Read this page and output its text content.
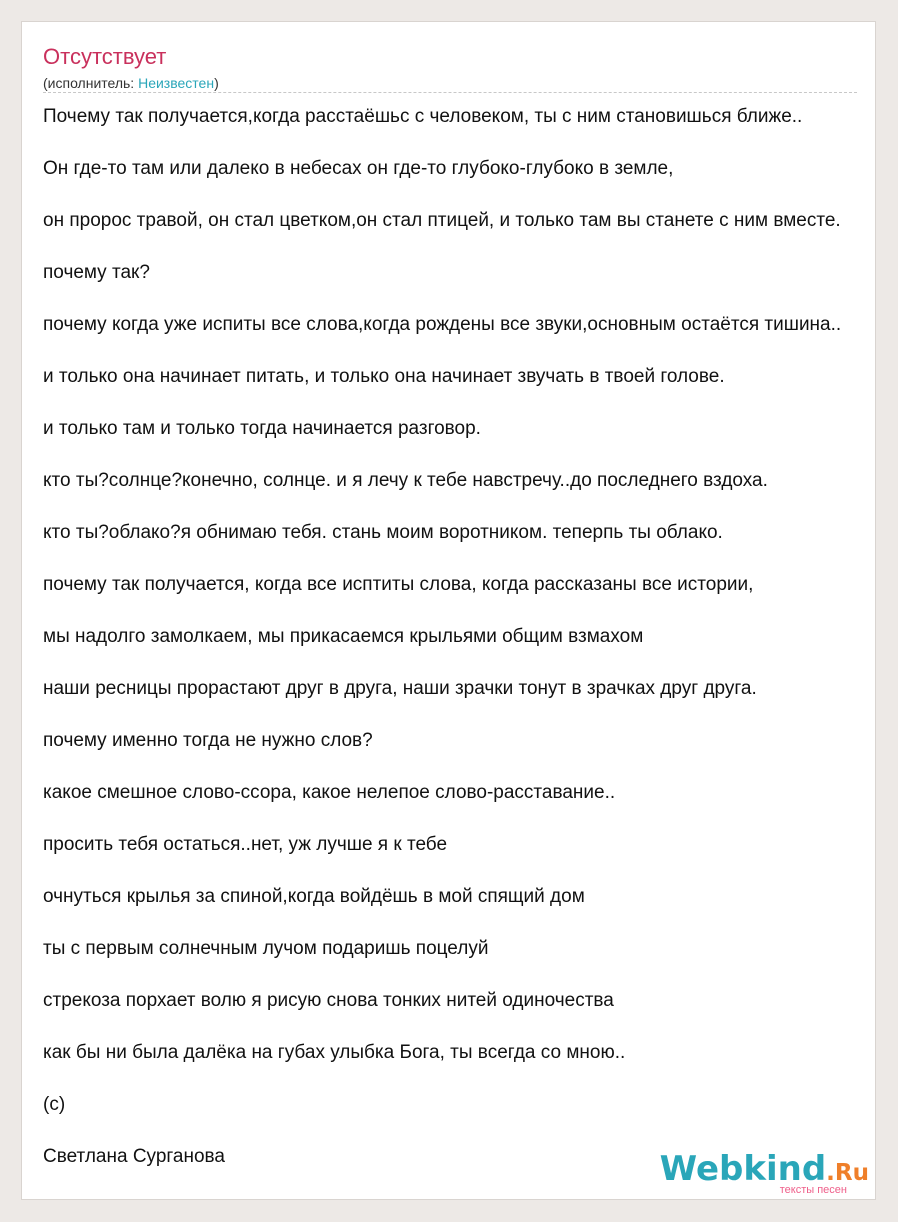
Отсутствует
(исполнитель: Неизвестен)
Почему так получается,когда расстаёшьс с человеком, ты с ним становишься ближе..
Он где-то там или далеко в небесах он где-то глубоко-глубоко в земле,
он пророс травой, он стал цветком,он стал птицей, и только там вы станете с ним вместе.
почему так?
почему когда уже испиты все слова,когда рождены все звуки,основным остаётся тишина..
и только она начинает питать, и только она начинает звучать в твоей голове.
и только там и только тогда начинается разговор.
кто ты?солнце?конечно, солнце. и я лечу к тебе навстречу..до последнего вздоха.
кто ты?облако?я обнимаю тебя. стань моим воротником. теперпь ты облако.
почему так получается, когда все исптиты слова, когда рассказаны все истории,
мы надолго замолкаем, мы прикасаемся крыльями общим взмахом
наши ресницы прорастают друг в друга, наши зрачки тонут в зрачках друг друга.
почему именно тогда не нужно слов?
какое смешное слово-ссора, какое нелепое слово-расставание..
просить тебя остаться..нет, уж лучше я к тебе
очнуться крылья за спиной,когда войдёшь в мой спящий дом
ты с первым солнечным лучом подаришь поцелуй
стрекоза порхает волю я рисую снова тонких нитей одиночества
как бы ни была далёка на губах улыбка Бога, ты всегда со мною..
(с)
Светлана Сурганова	Webkind.Ru
тексты песен
